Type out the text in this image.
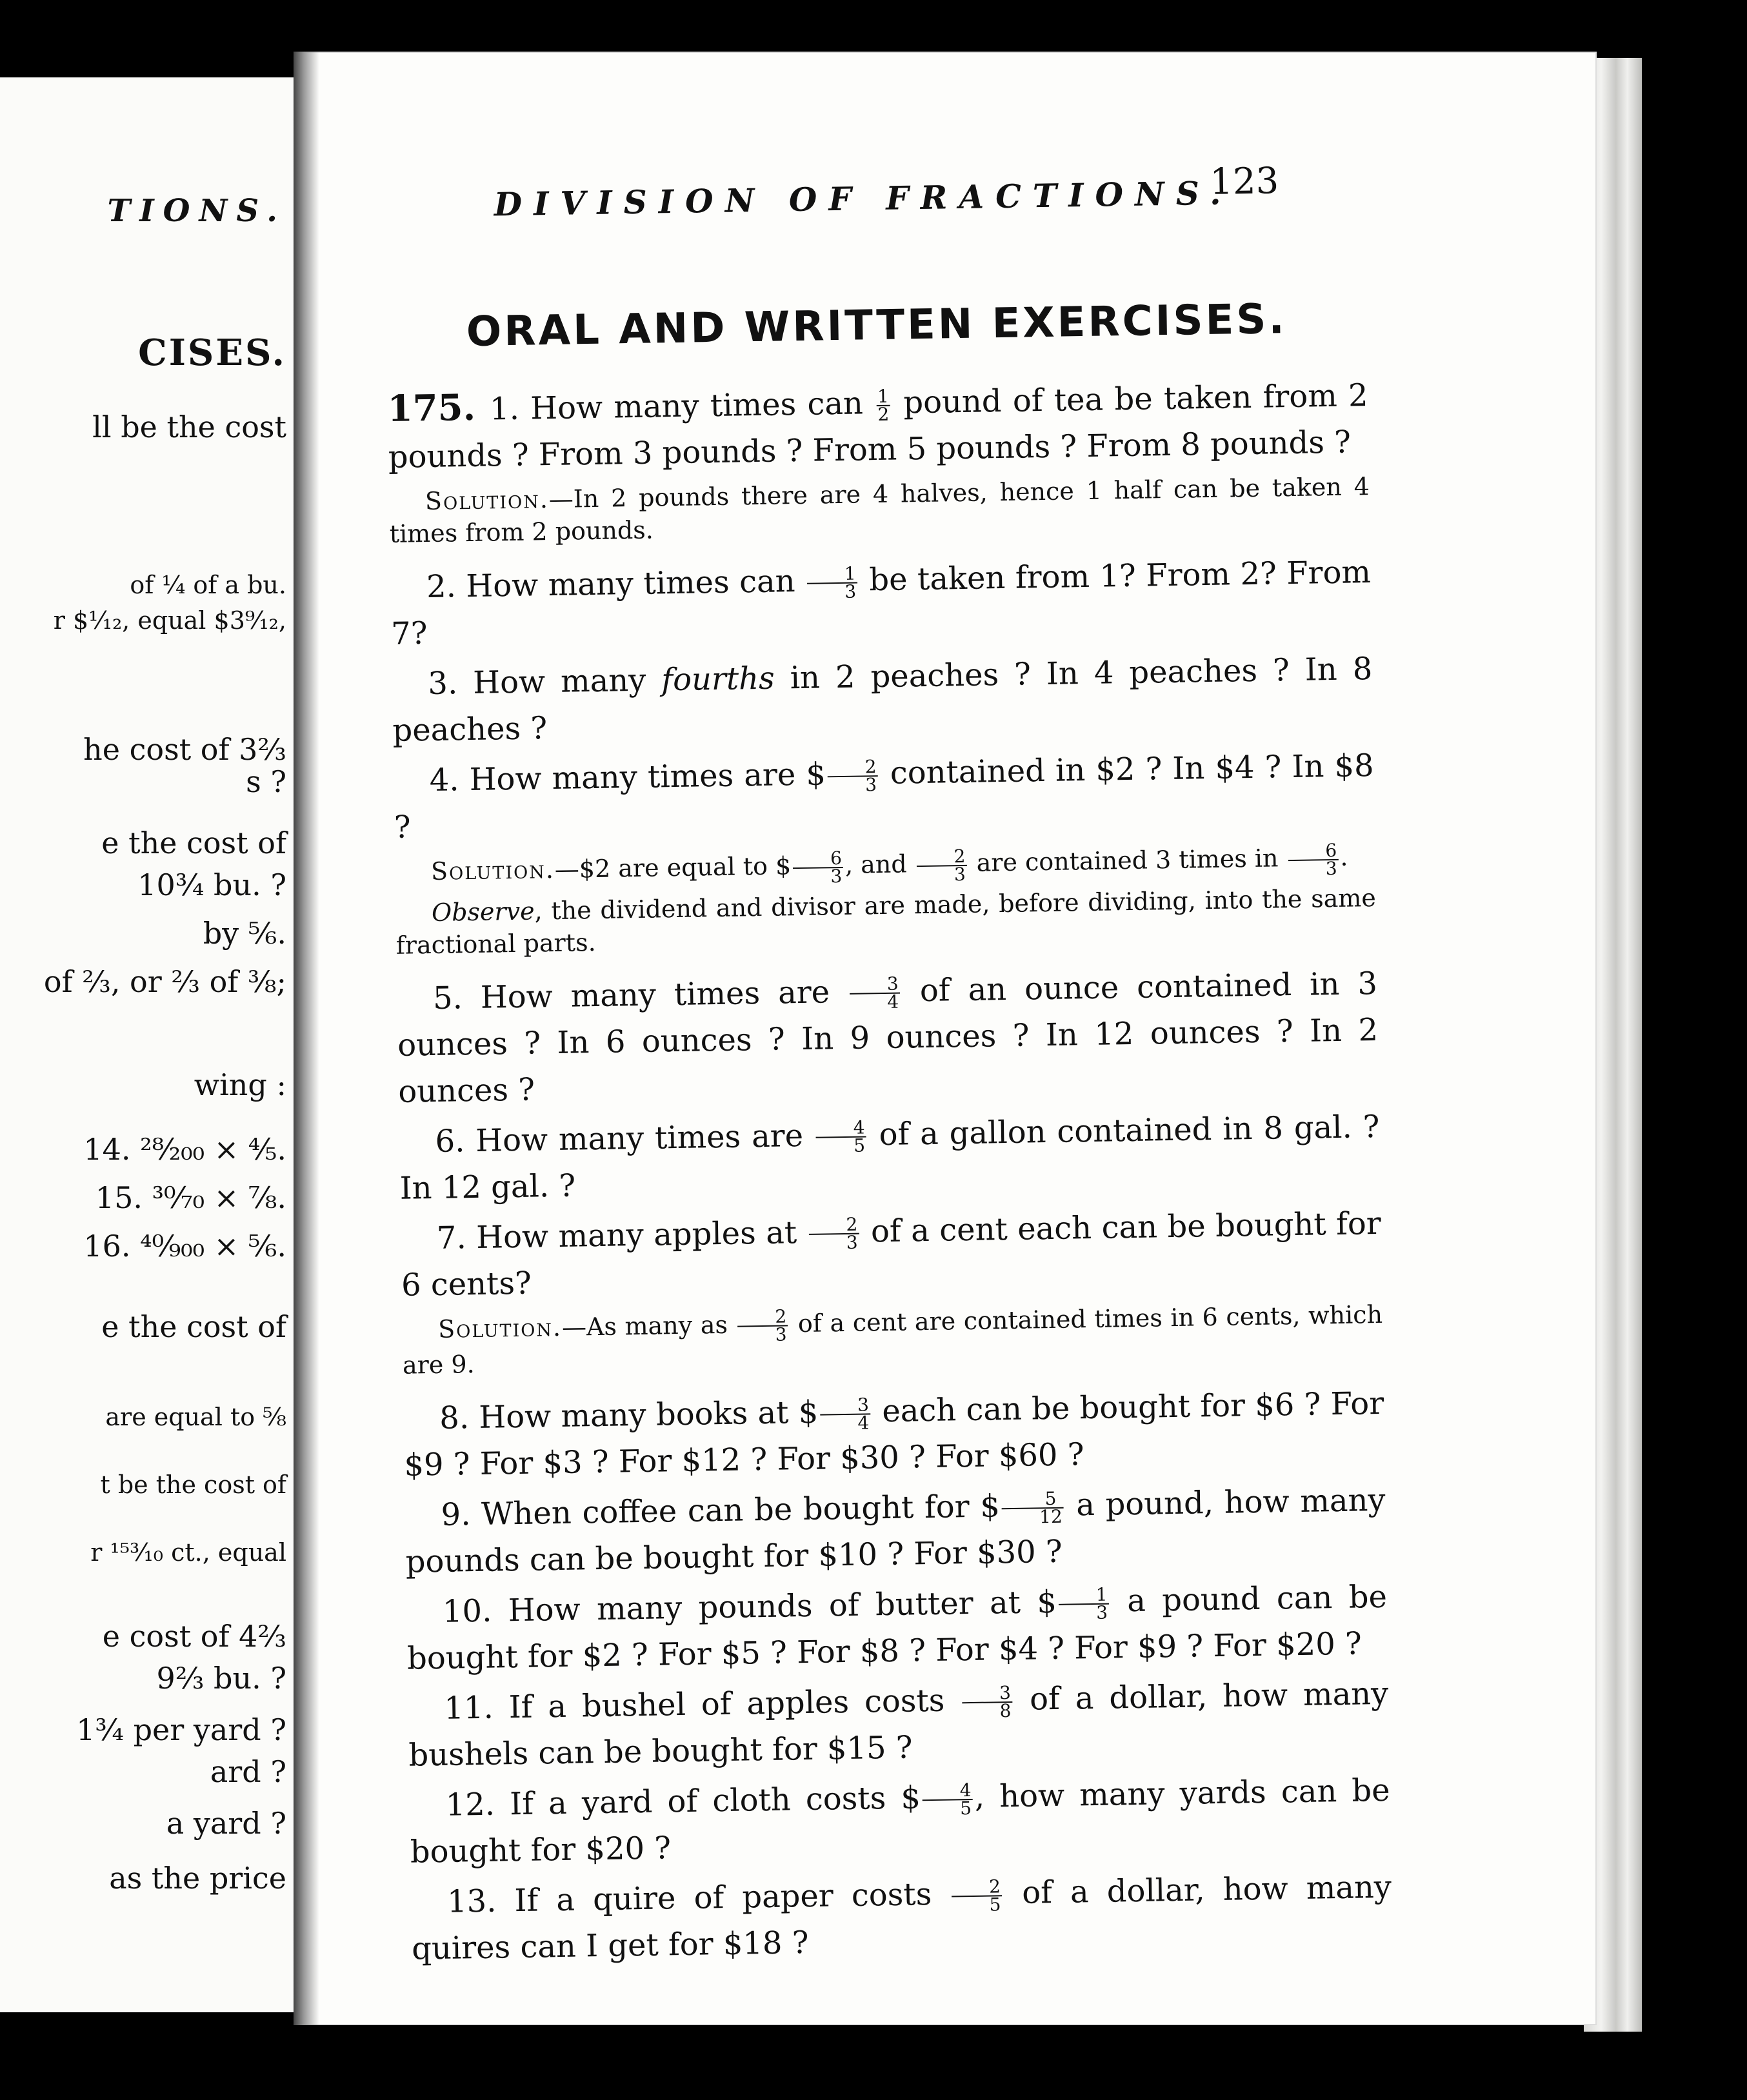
TIONS.
CISES.
ll be the cost
of ¼ of a bu.
r $⅟₁₂, equal $3⁹⁄₁₂,
he cost of 3⅔
s ?
e the cost of
10¾ bu. ?
by ⅚.
of ⅔, or ⅔ of ⅜;
wing :
14. ²⁸⁄₂₀₀ × ⁴⁄₅.
15. ³⁰⁄₇₀ × ⁷⁄₈.
16. ⁴⁰⁄₉₀₀ × ⁵⁄₆.
e the cost of
are equal to ⅝
t be the cost of
r ¹⁵³⁄₁₀ ct., equal
e cost of 4⅔
9⅔ bu. ?
1¾ per yard ?
ard ?
a yard ?
as the price
DIVISION OF FRACTIONS.
123
ORAL AND WRITTEN EXERCISES.

175. 1. How many times can $\frac{1}{2}$ pound of tea be taken from 2 pounds ? From 3 pounds ? From 5 pounds ? From 8 pounds ?

Solution.—In 2 pounds there are 4 halves, hence 1 half can be taken 4 times from 2 pounds.

2. How many times can $\frac{1}{3}$ be taken from 1? From 2? From 7?

3. How many fourths in 2 peaches ? In 4 peaches ? In 8 peaches ?

4. How many times are $ $\frac{2}{3}$ contained in $2 ? In $4 ? In $8 ?

Solution.—$2 are equal to $ $\frac{6}{3}$ , and $\frac{2}{3}$ are contained 3 times in $\frac{6}{3}$ .

Observe, the dividend and divisor are made, before dividing, into the same fractional parts.

5. How many times are $\frac{3}{4}$ of an ounce contained in 3 ounces ? In 6 ounces ? In 9 ounces ? In 12 ounces ? In 2 ounces ?

6. How many times are $\frac{4}{5}$ of a gallon contained in 8 gal. ? In 12 gal. ?

7. How many apples at $\frac{2}{3}$ of a cent each can be bought for 6 cents?

Solution.—As many as $\frac{2}{3}$ of a cent are contained times in 6 cents, which are 9.

8. How many books at $ $\frac{3}{4}$ each can be bought for $6 ? For $9 ? For $3 ? For $12 ? For $30 ? For $60 ?

9. When coffee can be bought for $ $\frac{5}{12}$ a pound, how many pounds can be bought for $10 ? For $30 ?

10. How many pounds of butter at $ $\frac{1}{3}$ a pound can be bought for $2 ? For $5 ? For $8 ? For $4 ? For $9 ? For $20 ?

11. If a bushel of apples costs $\frac{3}{8}$ of a dollar, how many bushels can be bought for $15 ?

12. If a yard of cloth costs $ $\frac{4}{5}$ , how many yards can be bought for $20 ?

13. If a quire of paper costs $\frac{2}{5}$ of a dollar, how many quires can I get for $18 ?
